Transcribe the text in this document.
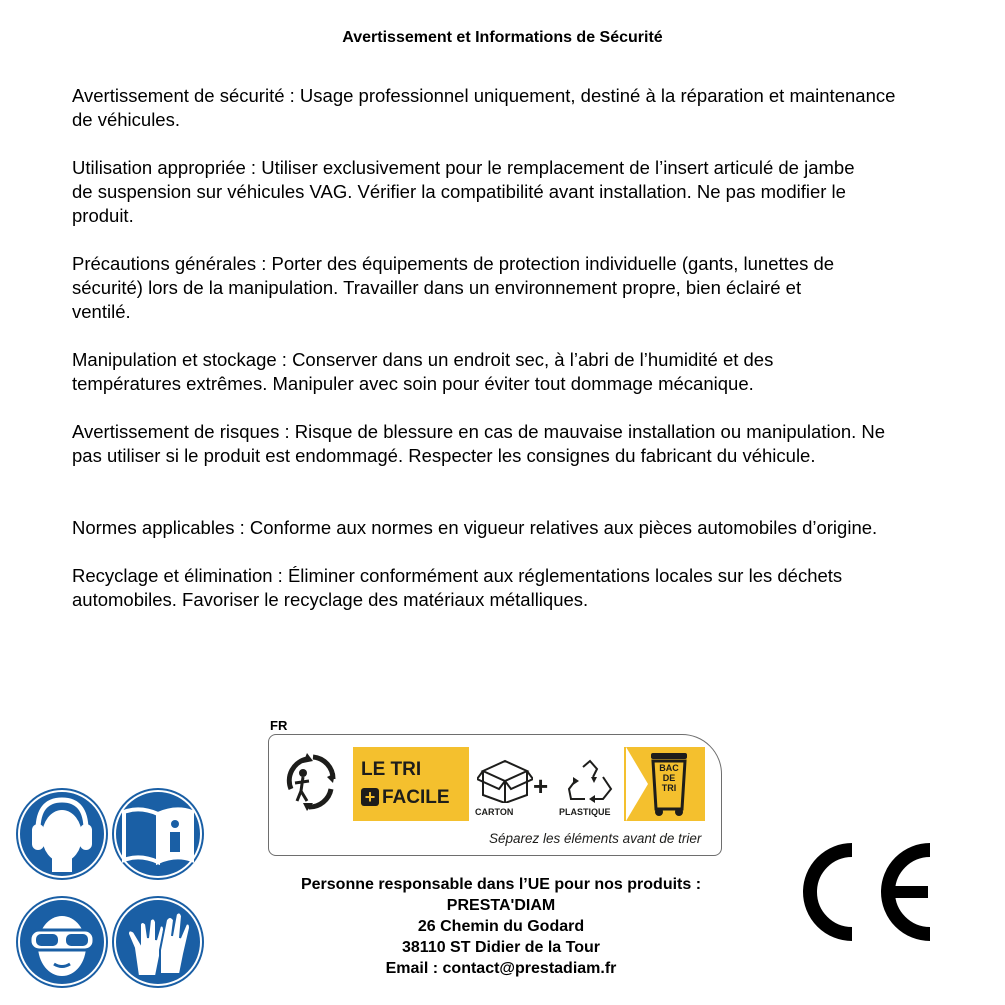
Avertissement et Informations de Sécurité

Avertissement de sécurité : Usage professionnel uniquement, destiné à la réparation et maintenance
de véhicules.

Utilisation appropriée : Utiliser exclusivement pour le remplacement de l’insert articulé de jambe
de suspension sur véhicules VAG. Vérifier la compatibilité avant installation. Ne pas modifier le
produit.

Précautions générales : Porter des équipements de protection individuelle (gants, lunettes de
sécurité) lors de la manipulation. Travailler dans un environnement propre, bien éclairé et
ventilé.

Manipulation et stockage : Conserver dans un endroit sec, à l’abri de l’humidité et des
températures extrêmes. Manipuler avec soin pour éviter tout dommage mécanique.

Avertissement de risques : Risque de blessure en cas de mauvaise installation ou manipulation. Ne
pas utiliser si le produit est endommagé. Respecter les consignes du fabricant du véhicule.

Normes applicables : Conforme aux normes en vigueur relatives aux pièces automobiles d’origine.

Recyclage et élimination : Éliminer conformément aux réglementations locales sur les déchets
automobiles. Favoriser le recyclage des matériaux métalliques.

FR
LE TRI
+ FACILE
CARTON
+
PLASTIQUE
BAC
DE
TRI
Séparez les éléments avant de trier
Personne responsable dans l’UE pour nos produits :
PRESTA'DIAM
26 Chemin du Godard
38110 ST Didier de la Tour
Email : contact@prestadiam.fr
